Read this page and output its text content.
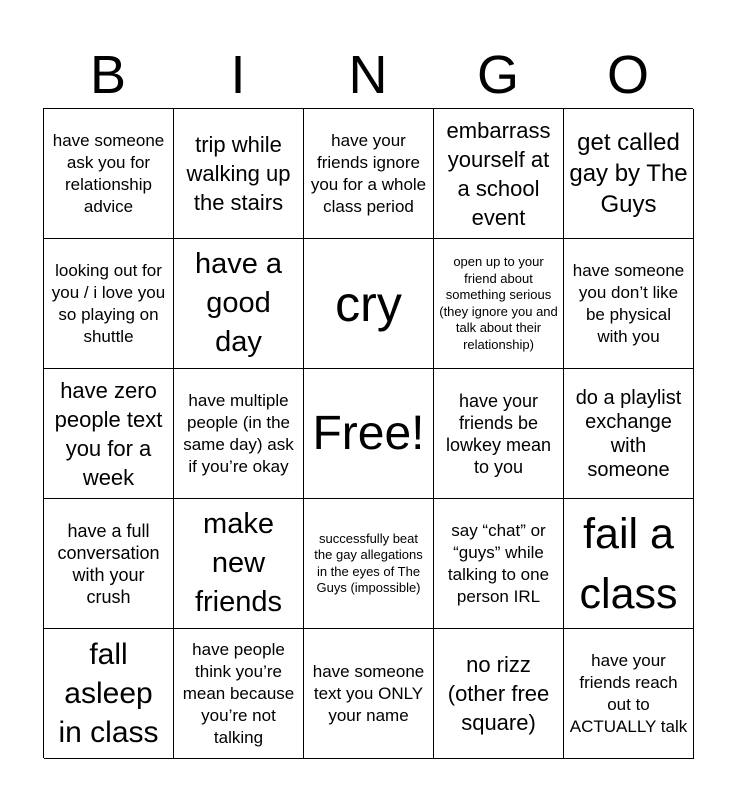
B	I	N	G	O
have someone ask you for relationship advice
trip while walking up the stairs
have your friends ignore you for a whole class period
embarrass yourself at a school event
get called gay by The Guys
looking out for you / i love you so playing on shuttle
have a good day
cry
open up to your friend about something serious (they ignore you and talk about their relationship)
have someone you don’t like be physical with you
have zero people text you for a week
have multiple people (in the same day) ask if you’re okay
Free!
have your friends be lowkey mean to you
do a playlist exchange with someone
have a full conversation with your crush
make new friends
successfully beat the gay allegations in the eyes of The Guys (impossible)
say “chat” or “guys” while talking to one person IRL
fail a class
fall asleep in class
have people think you’re mean because you’re not talking
have someone text you ONLY your name
no rizz (other free square)
have your friends reach out to ACTUALLY talk
